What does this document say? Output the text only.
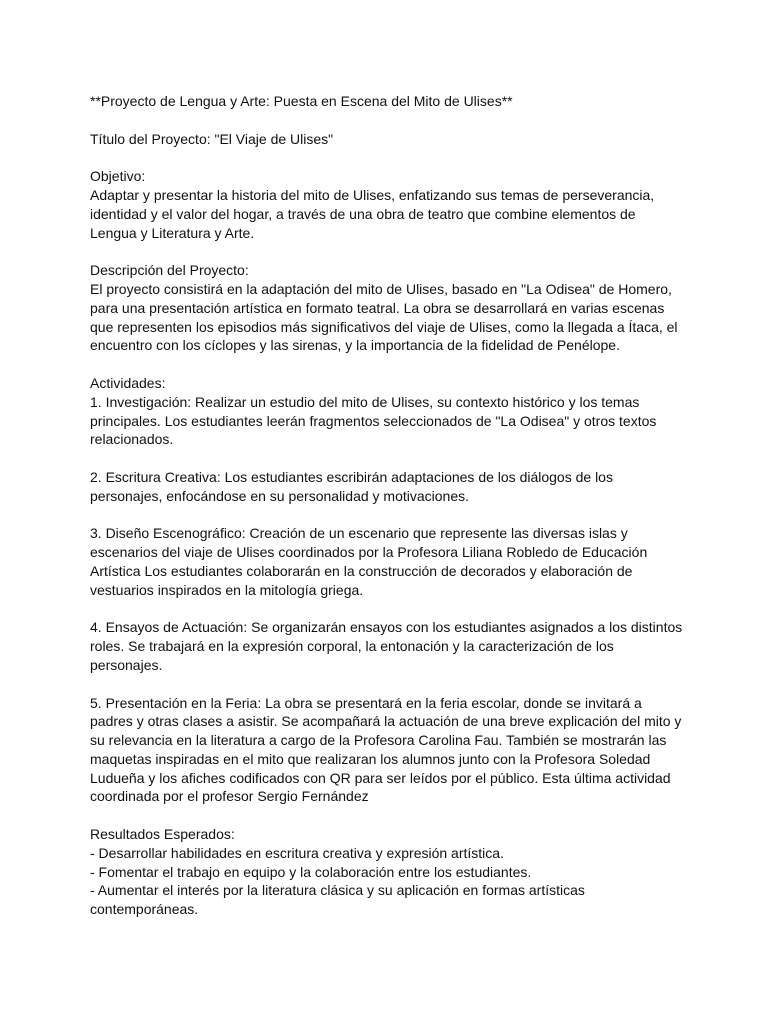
**Proyecto de Lengua y Arte: Puesta en Escena del Mito de Ulises**

Título del Proyecto: "El Viaje de Ulises"

Objetivo:

Adaptar y presentar la historia del mito de Ulises, enfatizando sus temas de perseverancia,

identidad y el valor del hogar, a través de una obra de teatro que combine elementos de

Lengua y Literatura y Arte.

Descripción del Proyecto:

El proyecto consistirá en la adaptación del mito de Ulises, basado en "La Odisea" de Homero,

para una presentación artística en formato teatral. La obra se desarrollará en varias escenas

que representen los episodios más significativos del viaje de Ulises, como la llegada a Ítaca, el

encuentro con los cíclopes y las sirenas, y la importancia de la fidelidad de Penélope.

Actividades:

1. Investigación: Realizar un estudio del mito de Ulises, su contexto histórico y los temas

principales. Los estudiantes leerán fragmentos seleccionados de "La Odisea" y otros textos

relacionados.

2. Escritura Creativa: Los estudiantes escribirán adaptaciones de los diálogos de los

personajes, enfocándose en su personalidad y motivaciones.

3. Diseño Escenográfico: Creación de un escenario que represente las diversas islas y

escenarios del viaje de Ulises coordinados por la Profesora Liliana Robledo de Educación

Artística Los estudiantes colaborarán en la construcción de decorados y elaboración de

vestuarios inspirados en la mitología griega.

4. Ensayos de Actuación: Se organizarán ensayos con los estudiantes asignados a los distintos

roles. Se trabajará en la expresión corporal, la entonación y la caracterización de los

personajes.

5. Presentación en la Feria: La obra se presentará en la feria escolar, donde se invitará a

padres y otras clases a asistir. Se acompañará la actuación de una breve explicación del mito y

su relevancia en la literatura a cargo de la Profesora Carolina Fau. También se mostrarán las

maquetas inspiradas en el mito que realizaran los alumnos junto con la Profesora Soledad

Ludueña y los afiches codificados con QR para ser leídos por el público. Esta última actividad

coordinada por el profesor Sergio Fernández

Resultados Esperados:

- Desarrollar habilidades en escritura creativa y expresión artística.

- Fomentar el trabajo en equipo y la colaboración entre los estudiantes.

- Aumentar el interés por la literatura clásica y su aplicación en formas artísticas

contemporáneas.
